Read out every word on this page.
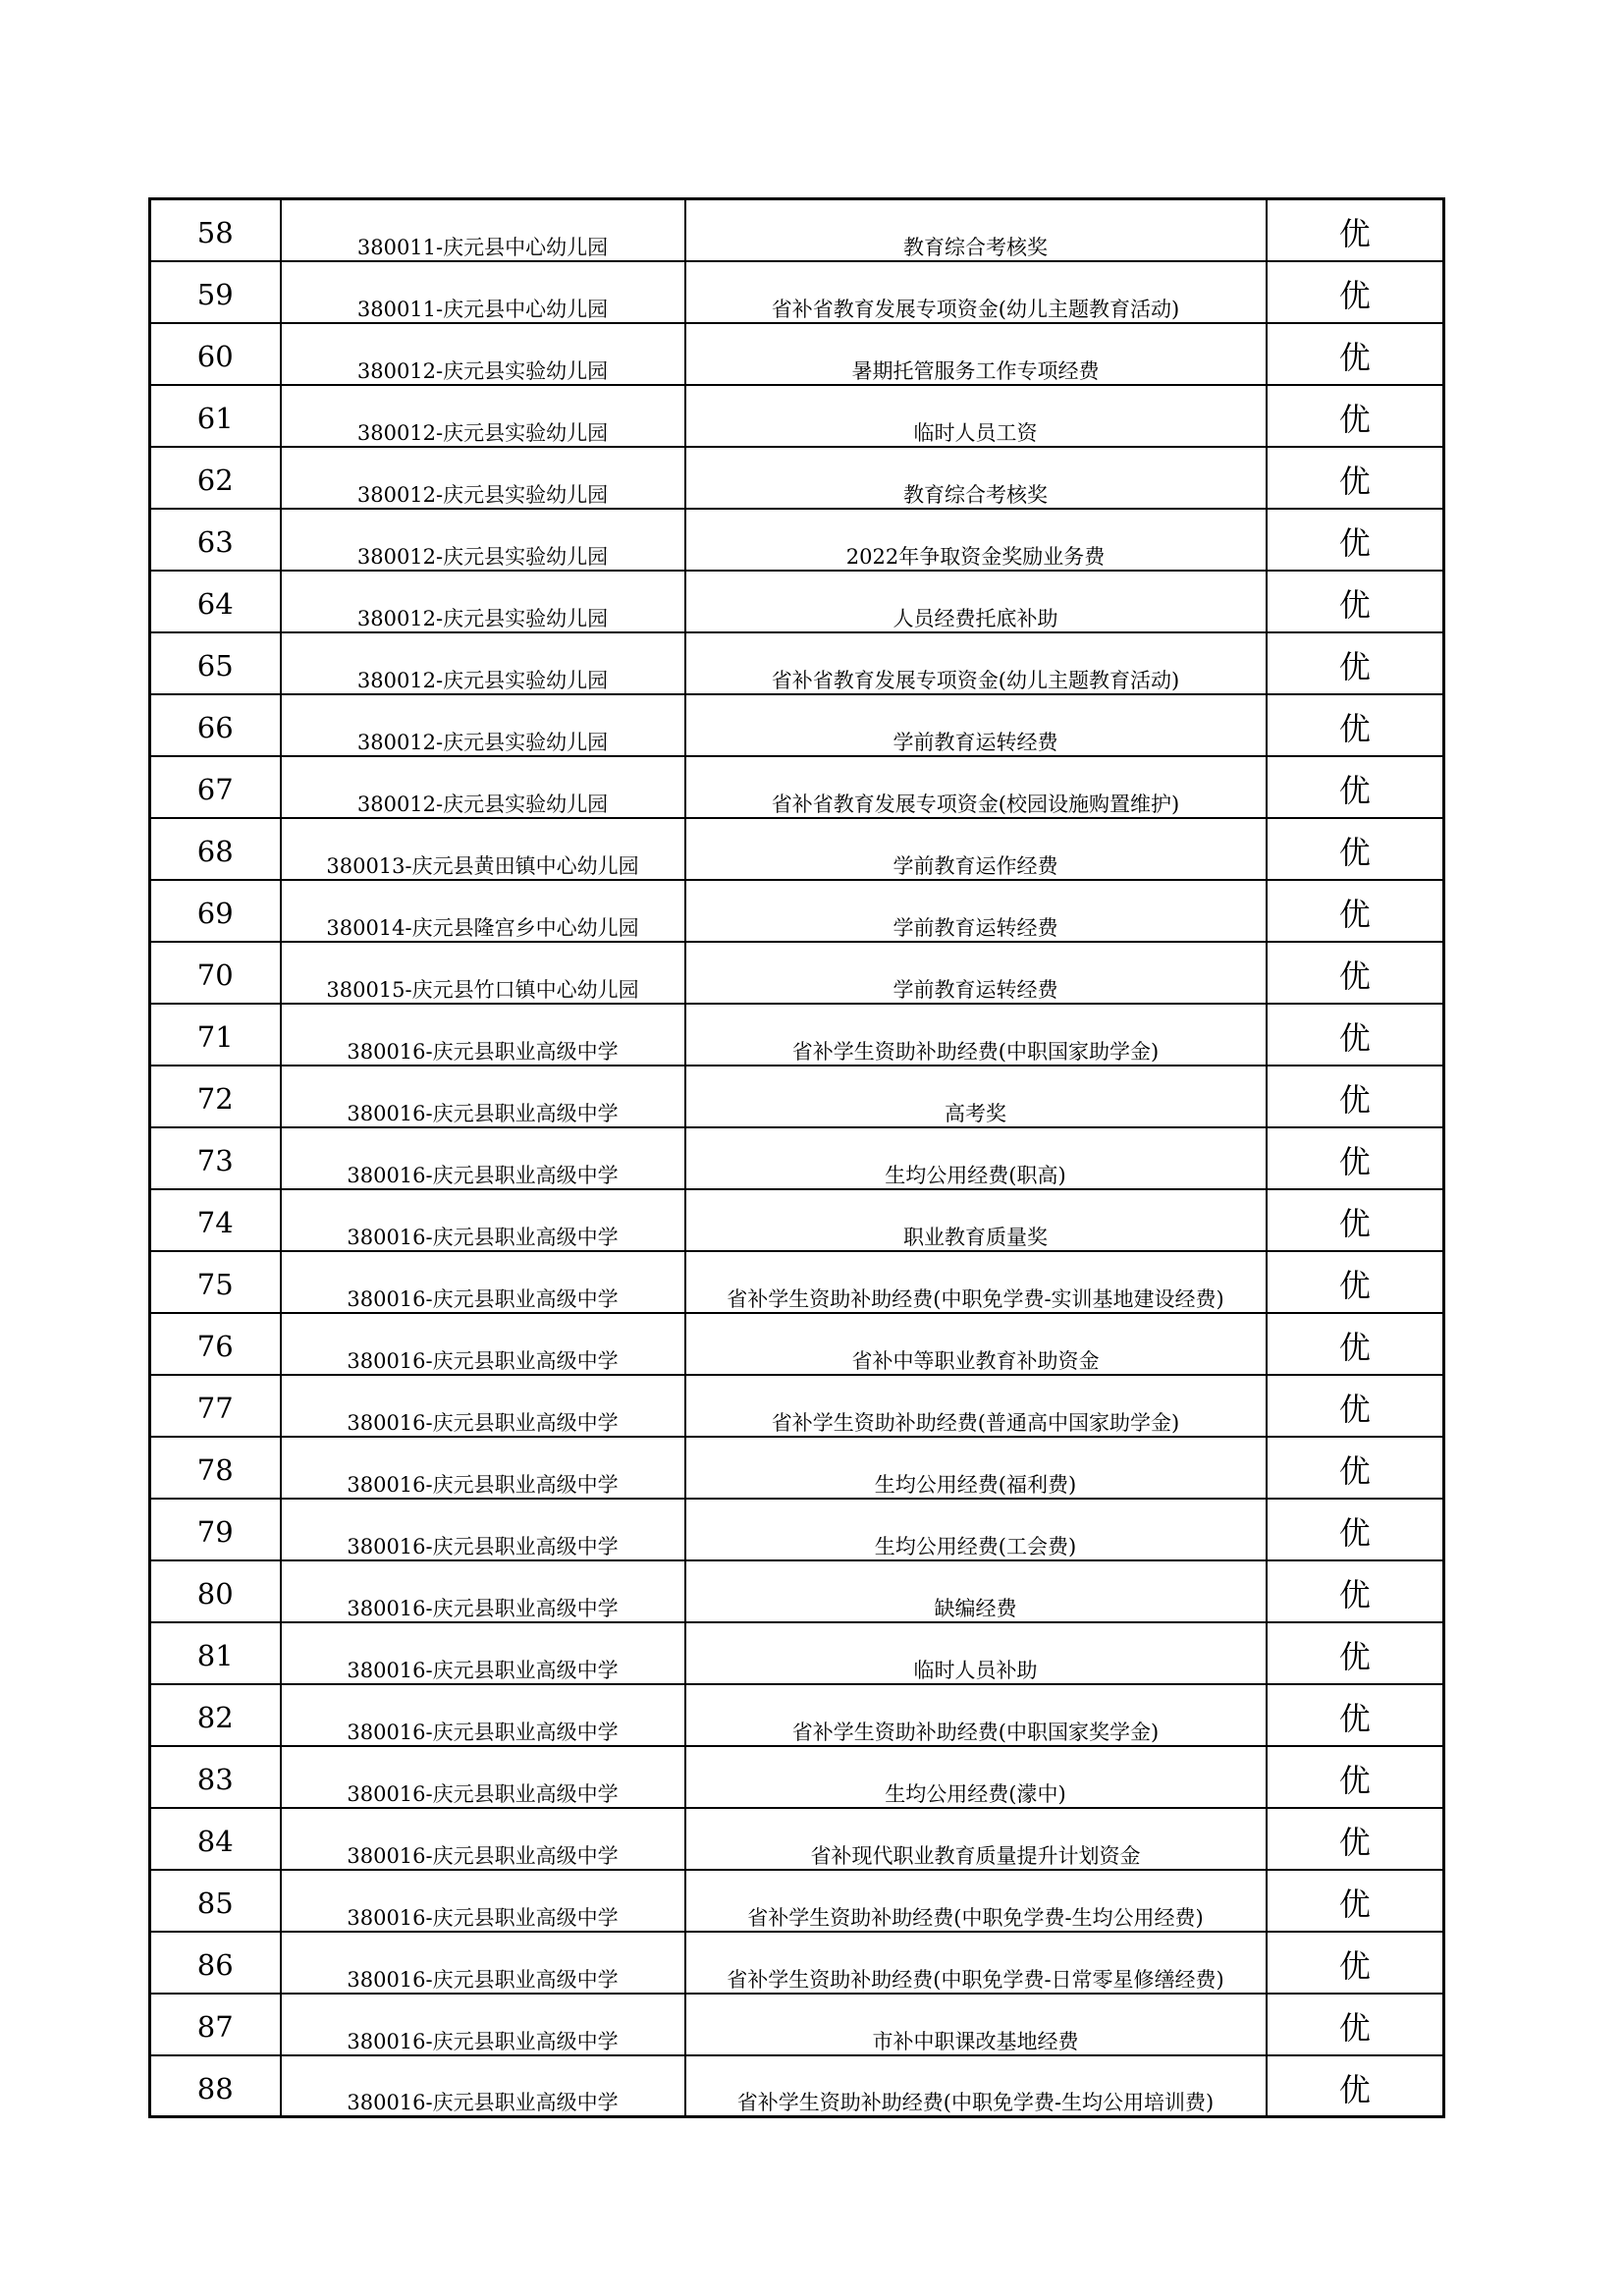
58	380011-庆元县中心幼儿园	教育综合考核奖	优
59	380011-庆元县中心幼儿园	省补省教育发展专项资金(幼儿主题教育活动)	优
60	380012-庆元县实验幼儿园	暑期托管服务工作专项经费	优
61	380012-庆元县实验幼儿园	临时人员工资	优
62	380012-庆元县实验幼儿园	教育综合考核奖	优
63	380012-庆元县实验幼儿园	2022年争取资金奖励业务费	优
64	380012-庆元县实验幼儿园	人员经费托底补助	优
65	380012-庆元县实验幼儿园	省补省教育发展专项资金(幼儿主题教育活动)	优
66	380012-庆元县实验幼儿园	学前教育运转经费	优
67	380012-庆元县实验幼儿园	省补省教育发展专项资金(校园设施购置维护)	优
68	380013-庆元县黄田镇中心幼儿园	学前教育运作经费	优
69	380014-庆元县隆宫乡中心幼儿园	学前教育运转经费	优
70	380015-庆元县竹口镇中心幼儿园	学前教育运转经费	优
71	380016-庆元县职业高级中学	省补学生资助补助经费(中职国家助学金)	优
72	380016-庆元县职业高级中学	高考奖	优
73	380016-庆元县职业高级中学	生均公用经费(职高)	优
74	380016-庆元县职业高级中学	职业教育质量奖	优
75	380016-庆元县职业高级中学	省补学生资助补助经费(中职免学费-实训基地建设经费)	优
76	380016-庆元县职业高级中学	省补中等职业教育补助资金	优
77	380016-庆元县职业高级中学	省补学生资助补助经费(普通高中国家助学金)	优
78	380016-庆元县职业高级中学	生均公用经费(福利费)	优
79	380016-庆元县职业高级中学	生均公用经费(工会费)	优
80	380016-庆元县职业高级中学	缺编经费	优
81	380016-庆元县职业高级中学	临时人员补助	优
82	380016-庆元县职业高级中学	省补学生资助补助经费(中职国家奖学金)	优
83	380016-庆元县职业高级中学	生均公用经费(濛中)	优
84	380016-庆元县职业高级中学	省补现代职业教育质量提升计划资金	优
85	380016-庆元县职业高级中学	省补学生资助补助经费(中职免学费-生均公用经费)	优
86	380016-庆元县职业高级中学	省补学生资助补助经费(中职免学费-日常零星修缮经费)	优
87	380016-庆元县职业高级中学	市补中职课改基地经费	优
88	380016-庆元县职业高级中学	省补学生资助补助经费(中职免学费-生均公用培训费)	优
